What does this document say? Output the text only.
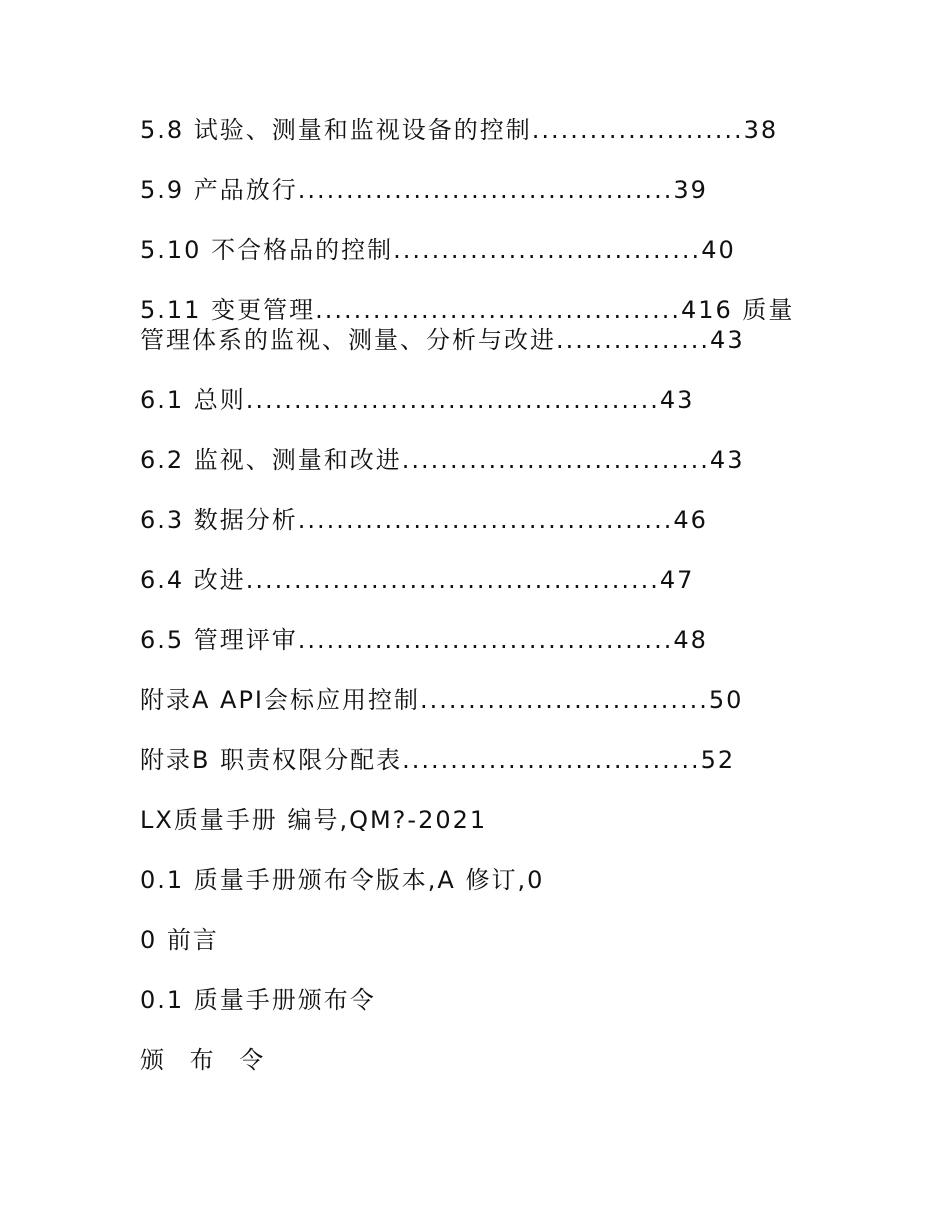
5.8 试验、测量和监视设备的控制......................38
5.9 产品放行.......................................39
5.10 不合格品的控制................................40
5.11 变更管理......................................416 质量
管理体系的监视、测量、分析与改进................43
6.1 总则...........................................43
6.2 监视、测量和改进................................43
6.3 数据分析.......................................46
6.4 改进...........................................47
6.5 管理评审.......................................48
附录A API会标应用控制..............................50
附录B 职责权限分配表...............................52
LX质量手册 编号,QM?-2021
0.1 质量手册颁布令版本,A 修订,0
0 前言
0.1 质量手册颁布令
颁 布 令
